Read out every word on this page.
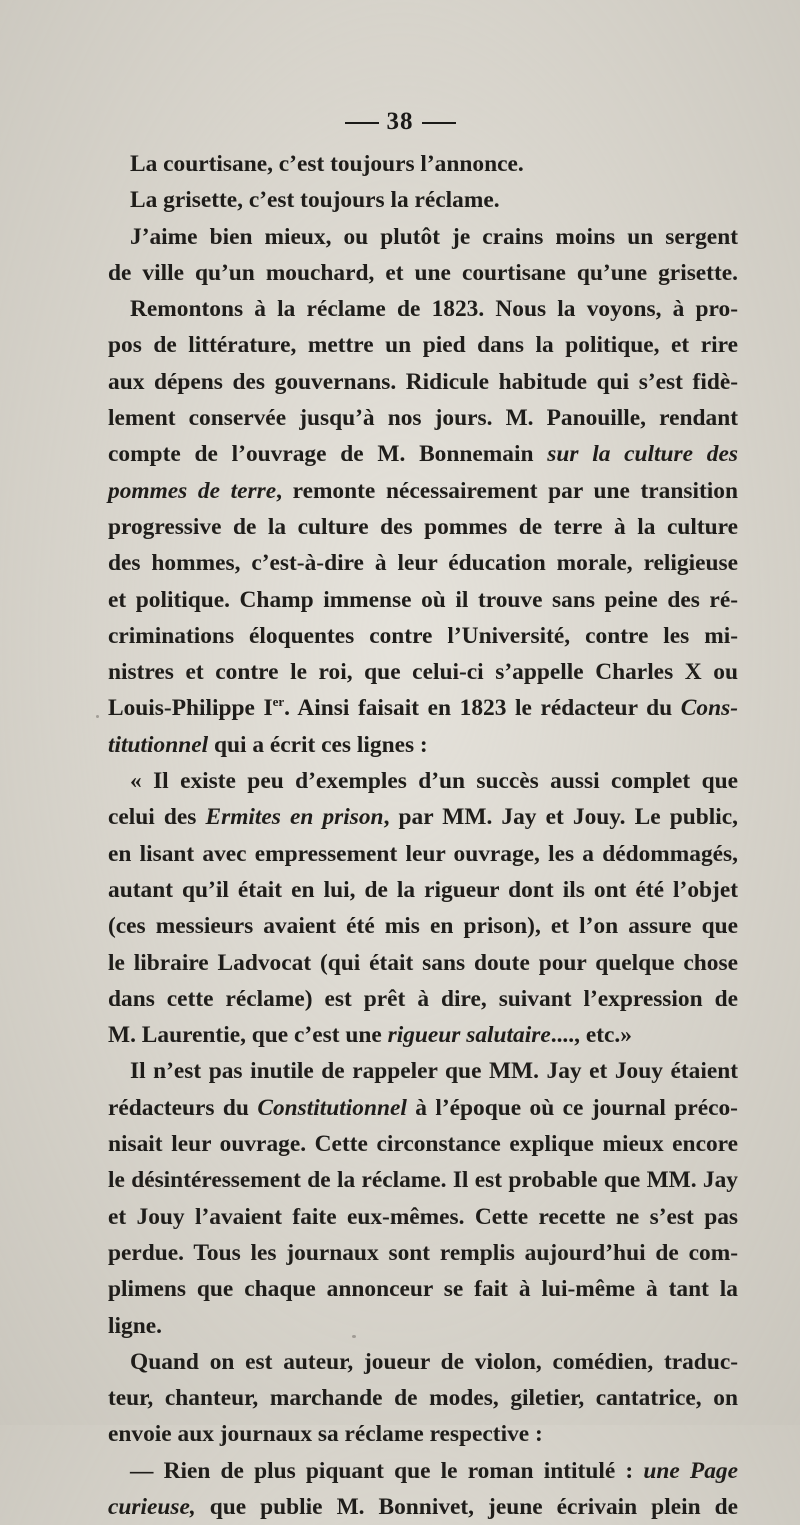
38
La courtisane, c’est toujours l’annonce.
La grisette, c’est toujours la réclame.
J’aime bien mieux, ou plutôt je crains moins un sergent
de ville qu’un mouchard, et une courtisane qu’une grisette.
Remontons à la réclame de 1823. Nous la voyons, à pro-
pos de littérature, mettre un pied dans la politique, et rire
aux dépens des gouvernans. Ridicule habitude qui s’est fidè-
lement conservée jusqu’à nos jours. M. Panouille, rendant
compte de l’ouvrage de M. Bonnemain sur la culture des
pommes de terre, remonte nécessairement par une transition
progressive de la culture des pommes de terre à la culture
des hommes, c’est-à-dire à leur éducation morale, religieuse
et politique. Champ immense où il trouve sans peine des ré-
criminations éloquentes contre l’Université, contre les mi-
nistres et contre le roi, que celui-ci s’appelle Charles X ou
Louis-Philippe Ier. Ainsi faisait en 1823 le rédacteur du Cons-
titutionnel qui a écrit ces lignes :
« Il existe peu d’exemples d’un succès aussi complet que
celui des Ermites en prison, par MM. Jay et Jouy. Le public,
en lisant avec empressement leur ouvrage, les a dédommagés,
autant qu’il était en lui, de la rigueur dont ils ont été l’objet
(ces messieurs avaient été mis en prison), et l’on assure que
le libraire Ladvocat (qui était sans doute pour quelque chose
dans cette réclame) est prêt à dire, suivant l’expression de
M. Laurentie, que c’est une rigueur salutaire...., etc.»
Il n’est pas inutile de rappeler que MM. Jay et Jouy étaient
rédacteurs du Constitutionnel à l’époque où ce journal préco-
nisait leur ouvrage. Cette circonstance explique mieux encore
le désintéressement de la réclame. Il est probable que MM. Jay
et Jouy l’avaient faite eux-mêmes. Cette recette ne s’est pas
perdue. Tous les journaux sont remplis aujourd’hui de com-
plimens que chaque annonceur se fait à lui-même à tant la
ligne.
Quand on est auteur, joueur de violon, comédien, traduc-
teur, chanteur, marchande de modes, giletier, cantatrice, on
envoie aux journaux sa réclame respective :
— Rien de plus piquant que le roman intitulé : une Page
curieuse, que publie M. Bonnivet, jeune écrivain plein de
